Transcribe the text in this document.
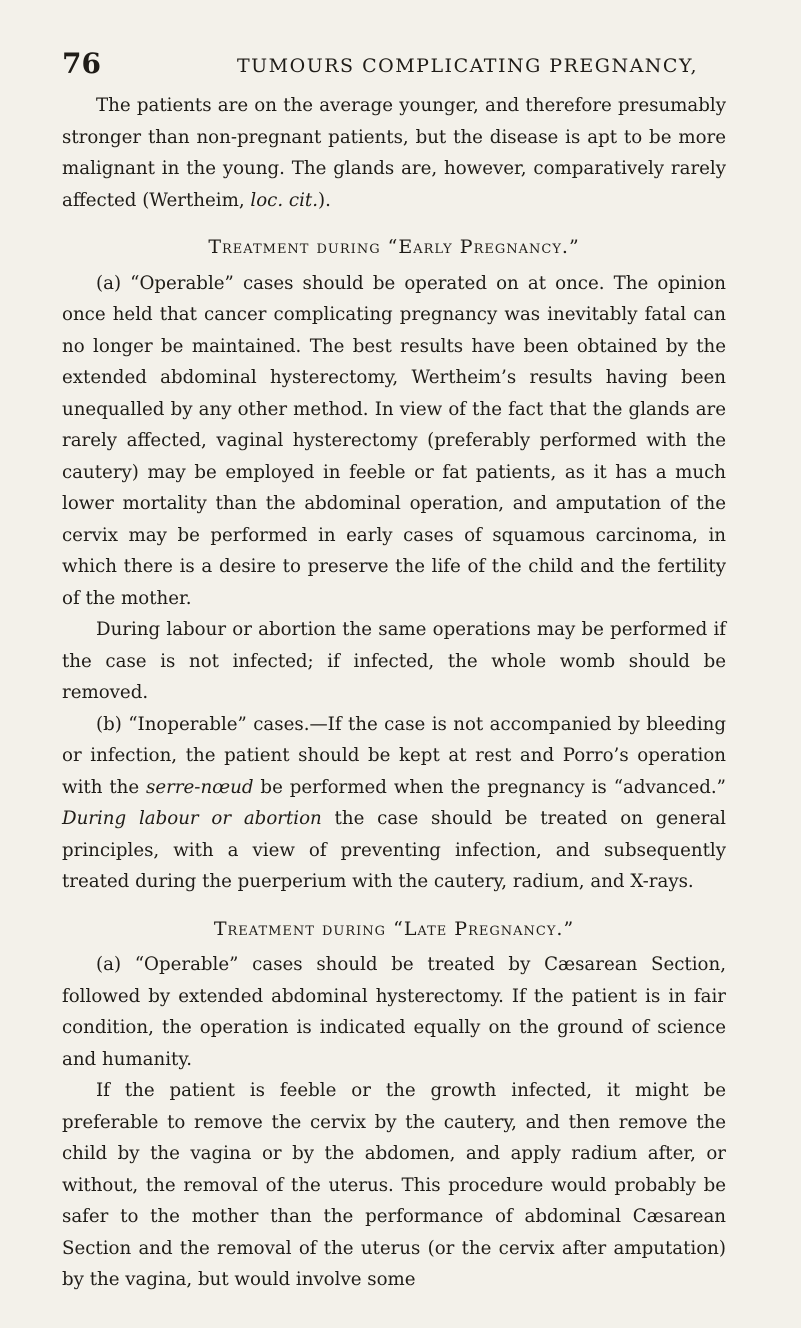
76	TUMOURS COMPLICATING PREGNANCY,

The patients are on the average younger, and therefore presumably stronger than non-pregnant patients, but the disease is apt to be more malignant in the young. The glands are, however, comparatively rarely affected (Wertheim, loc. cit.).

Treatment during “Early Pregnancy.”

(a) “Operable” cases should be operated on at once. The opinion once held that cancer complicating pregnancy was inevitably fatal can no longer be maintained. The best results have been obtained by the extended abdominal hysterectomy, Wertheim’s results having been unequalled by any other method. In view of the fact that the glands are rarely affected, vaginal hysterectomy (preferably performed with the cautery) may be employed in feeble or fat patients, as it has a much lower mortality than the abdominal operation, and amputation of the cervix may be performed in early cases of squamous carcinoma, in which there is a desire to preserve the life of the child and the fertility of the mother.

During labour or abortion the same operations may be performed if the case is not infected; if infected, the whole womb should be removed.

(b) “Inoperable” cases.—If the case is not accompanied by bleeding or infection, the patient should be kept at rest and Porro’s operation with the serre-nœud be performed when the pregnancy is “advanced.” During labour or abortion the case should be treated on general principles, with a view of preventing infection, and subsequently treated during the puerperium with the cautery, radium, and X-rays.

Treatment during “Late Pregnancy.”

(a) “Operable” cases should be treated by Cæsarean Section, followed by extended abdominal hysterectomy. If the patient is in fair condition, the operation is indicated equally on the ground of science and humanity.

If the patient is feeble or the growth infected, it might be preferable to remove the cervix by the cautery, and then remove the child by the vagina or by the abdomen, and apply radium after, or without, the removal of the uterus. This procedure would probably be safer to the mother than the performance of abdominal Cæsarean Section and the removal of the uterus (or the cervix after amputation) by the vagina, but would involve some
